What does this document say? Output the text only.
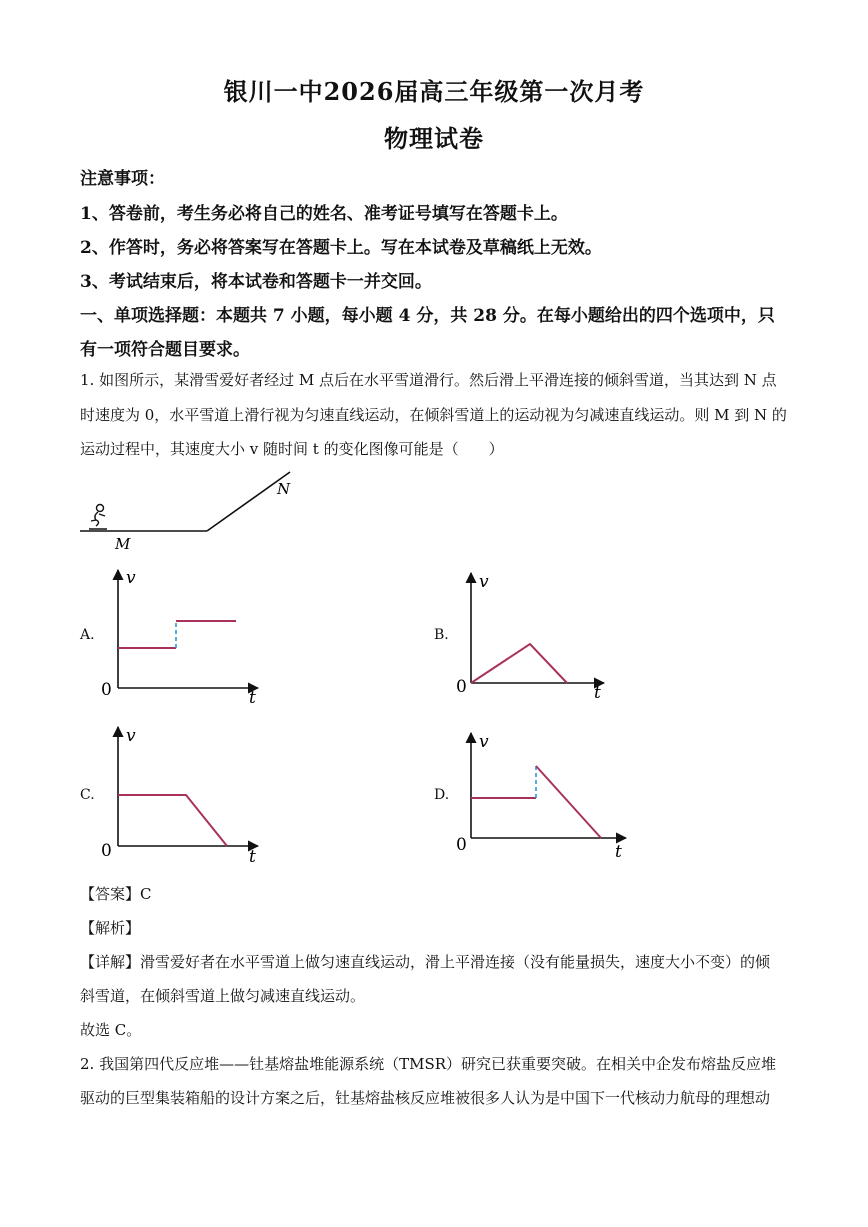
银川一中2026届高三年级第一次月考
物理试卷
注意事项：
1、答卷前，考生务必将自己的姓名、准考证号填写在答题卡上。
2、作答时，务必将答案写在答题卡上。写在本试卷及草稿纸上无效。
3、考试结束后，将本试卷和答题卡一并交回。
一、单项选择题：本题共 7 小题，每小题 4 分，共 28 分。在每小题给出的四个选项中，只
有一项符合题目要求。
1. 如图所示，某滑雪爱好者经过 M 点后在水平雪道滑行。然后滑上平滑连接的倾斜雪道，当其达到 N 点
时速度为 0，水平雪道上滑行视为匀速直线运动，在倾斜雪道上的运动视为匀减速直线运动。则 M 到 N 的
运动过程中，其速度大小 v 随时间 t 的变化图像可能是（　　）
M
N
A.
v
t
0
B.
v
t
0
C.
v
t
0
D.
v
t
0
【答案】C
【解析】
【详解】滑雪爱好者在水平雪道上做匀速直线运动，滑上平滑连接（没有能量损失，速度大小不变）的倾
斜雪道，在倾斜雪道上做匀减速直线运动。
故选 C。
2. 我国第四代反应堆——钍基熔盐堆能源系统（TMSR）研究已获重要突破。在相关中企发布熔盐反应堆
驱动的巨型集装箱船的设计方案之后，钍基熔盐核反应堆被很多人认为是中国下一代核动力航母的理想动
